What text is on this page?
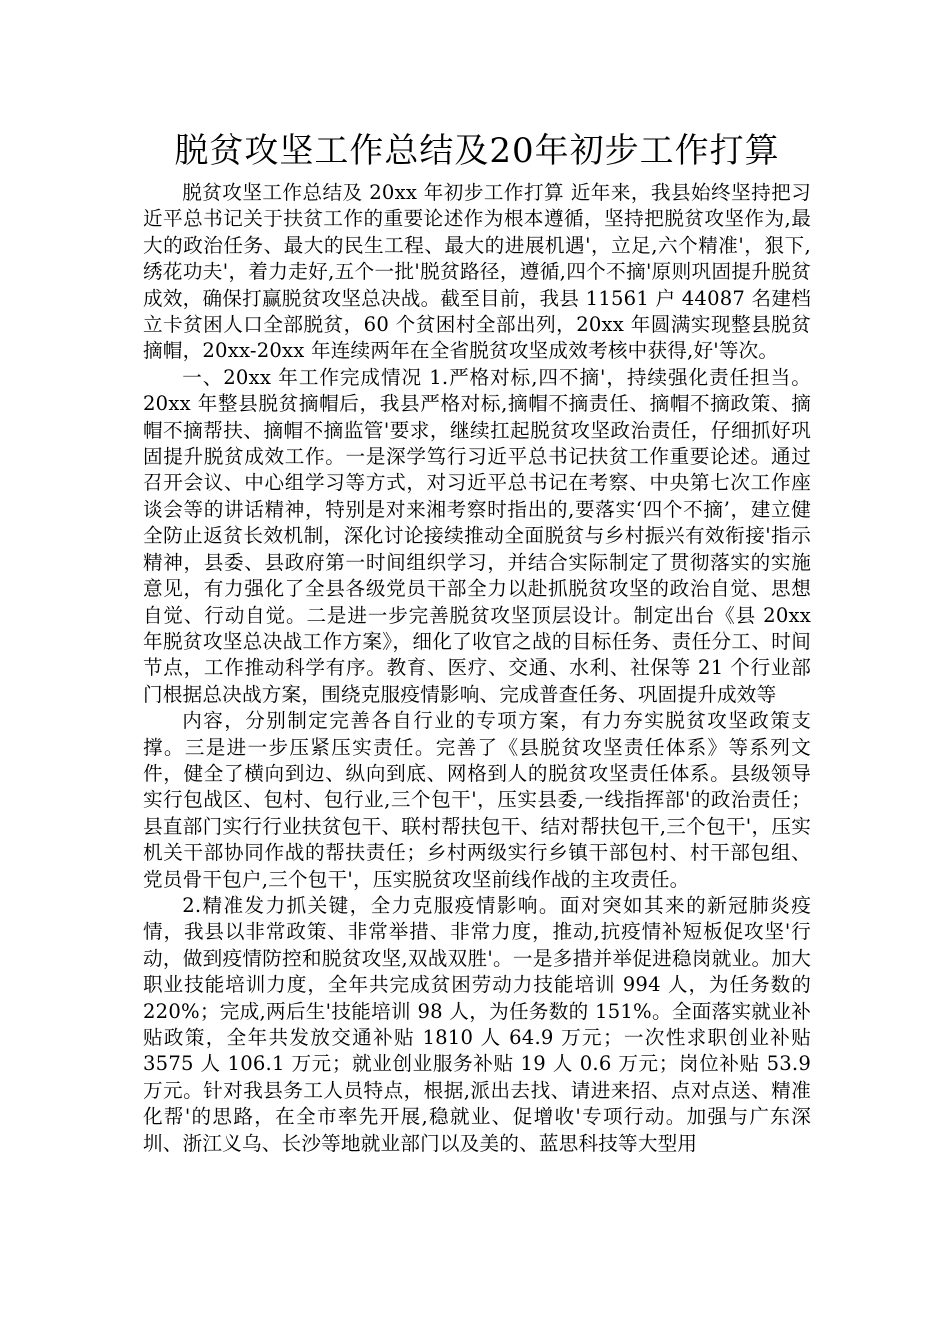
脱贫攻坚工作总结及20年初步工作打算

脱贫攻坚工作总结及 20xx 年初步工作打算 近年来，我县始终坚持把习近平总书记关于扶贫工作的重要论述作为根本遵循，坚持把脱贫攻坚作为,最大的政治任务、最大的民生工程、最大的进展机遇'，立足,六个精准'，狠下,绣花功夫'，着力走好,五个一批'脱贫路径，遵循,四个不摘'原则巩固提升脱贫成效，确保打赢脱贫攻坚总决战。截至目前，我县 11561 户 44087 名建档立卡贫困人口全部脱贫，60 个贫困村全部出列，20xx 年圆满实现整县脱贫摘帽，20xx-20xx 年连续两年在全省脱贫攻坚成效考核中获得,好'等次。

一、20xx 年工作完成情况 1.严格对标,四不摘'，持续强化责任担当。20xx 年整县脱贫摘帽后，我县严格对标,摘帽不摘责任、摘帽不摘政策、摘帽不摘帮扶、摘帽不摘监管'要求，继续扛起脱贫攻坚政治责任，仔细抓好巩固提升脱贫成效工作。一是深学笃行习近平总书记扶贫工作重要论述。通过召开会议、中心组学习等方式，对习近平总书记在考察、中央第七次工作座谈会等的讲话精神，特别是对来湘考察时指出的,要落实‘四个不摘’，建立健全防止返贫长效机制，深化讨论接续推动全面脱贫与乡村振兴有效衔接'指示精神，县委、县政府第一时间组织学习，并结合实际制定了贯彻落实的实施意见，有力强化了全县各级党员干部全力以赴抓脱贫攻坚的政治自觉、思想自觉、行动自觉。二是进一步完善脱贫攻坚顶层设计。制定出台《县 20xx 年脱贫攻坚总决战工作方案》，细化了收官之战的目标任务、责任分工、时间节点，工作推动科学有序。教育、医疗、交通、水利、社保等 21 个行业部门根据总决战方案，围绕克服疫情影响、完成普查任务、巩固提升成效等

内容，分别制定完善各自行业的专项方案，有力夯实脱贫攻坚政策支撑。三是进一步压紧压实责任。完善了《县脱贫攻坚责任体系》等系列文件，健全了横向到边、纵向到底、网格到人的脱贫攻坚责任体系。县级领导实行包战区、包村、包行业,三个包干'，压实县委,一线指挥部'的政治责任；县直部门实行行业扶贫包干、联村帮扶包干、结对帮扶包干,三个包干'，压实机关干部协同作战的帮扶责任；乡村两级实行乡镇干部包村、村干部包组、党员骨干包户,三个包干'，压实脱贫攻坚前线作战的主攻责任。

2.精准发力抓关键，全力克服疫情影响。面对突如其来的新冠肺炎疫情，我县以非常政策、非常举措、非常力度，推动,抗疫情补短板促攻坚'行动，做到疫情防控和脱贫攻坚,双战双胜'。一是多措并举促进稳岗就业。加大职业技能培训力度，全年共完成贫困劳动力技能培训 994 人，为任务数的 220%；完成,两后生'技能培训 98 人，为任务数的 151%。全面落实就业补贴政策，全年共发放交通补贴 1810 人 64.9 万元；一次性求职创业补贴 3575 人 106.1 万元；就业创业服务补贴 19 人 0.6 万元；岗位补贴 53.9 万元。针对我县务工人员特点，根据,派出去找、请进来招、点对点送、精准化帮'的思路，在全市率先开展,稳就业、促增收'专项行动。加强与广东深圳、浙江义乌、长沙等地就业部门以及美的、蓝思科技等大型用
